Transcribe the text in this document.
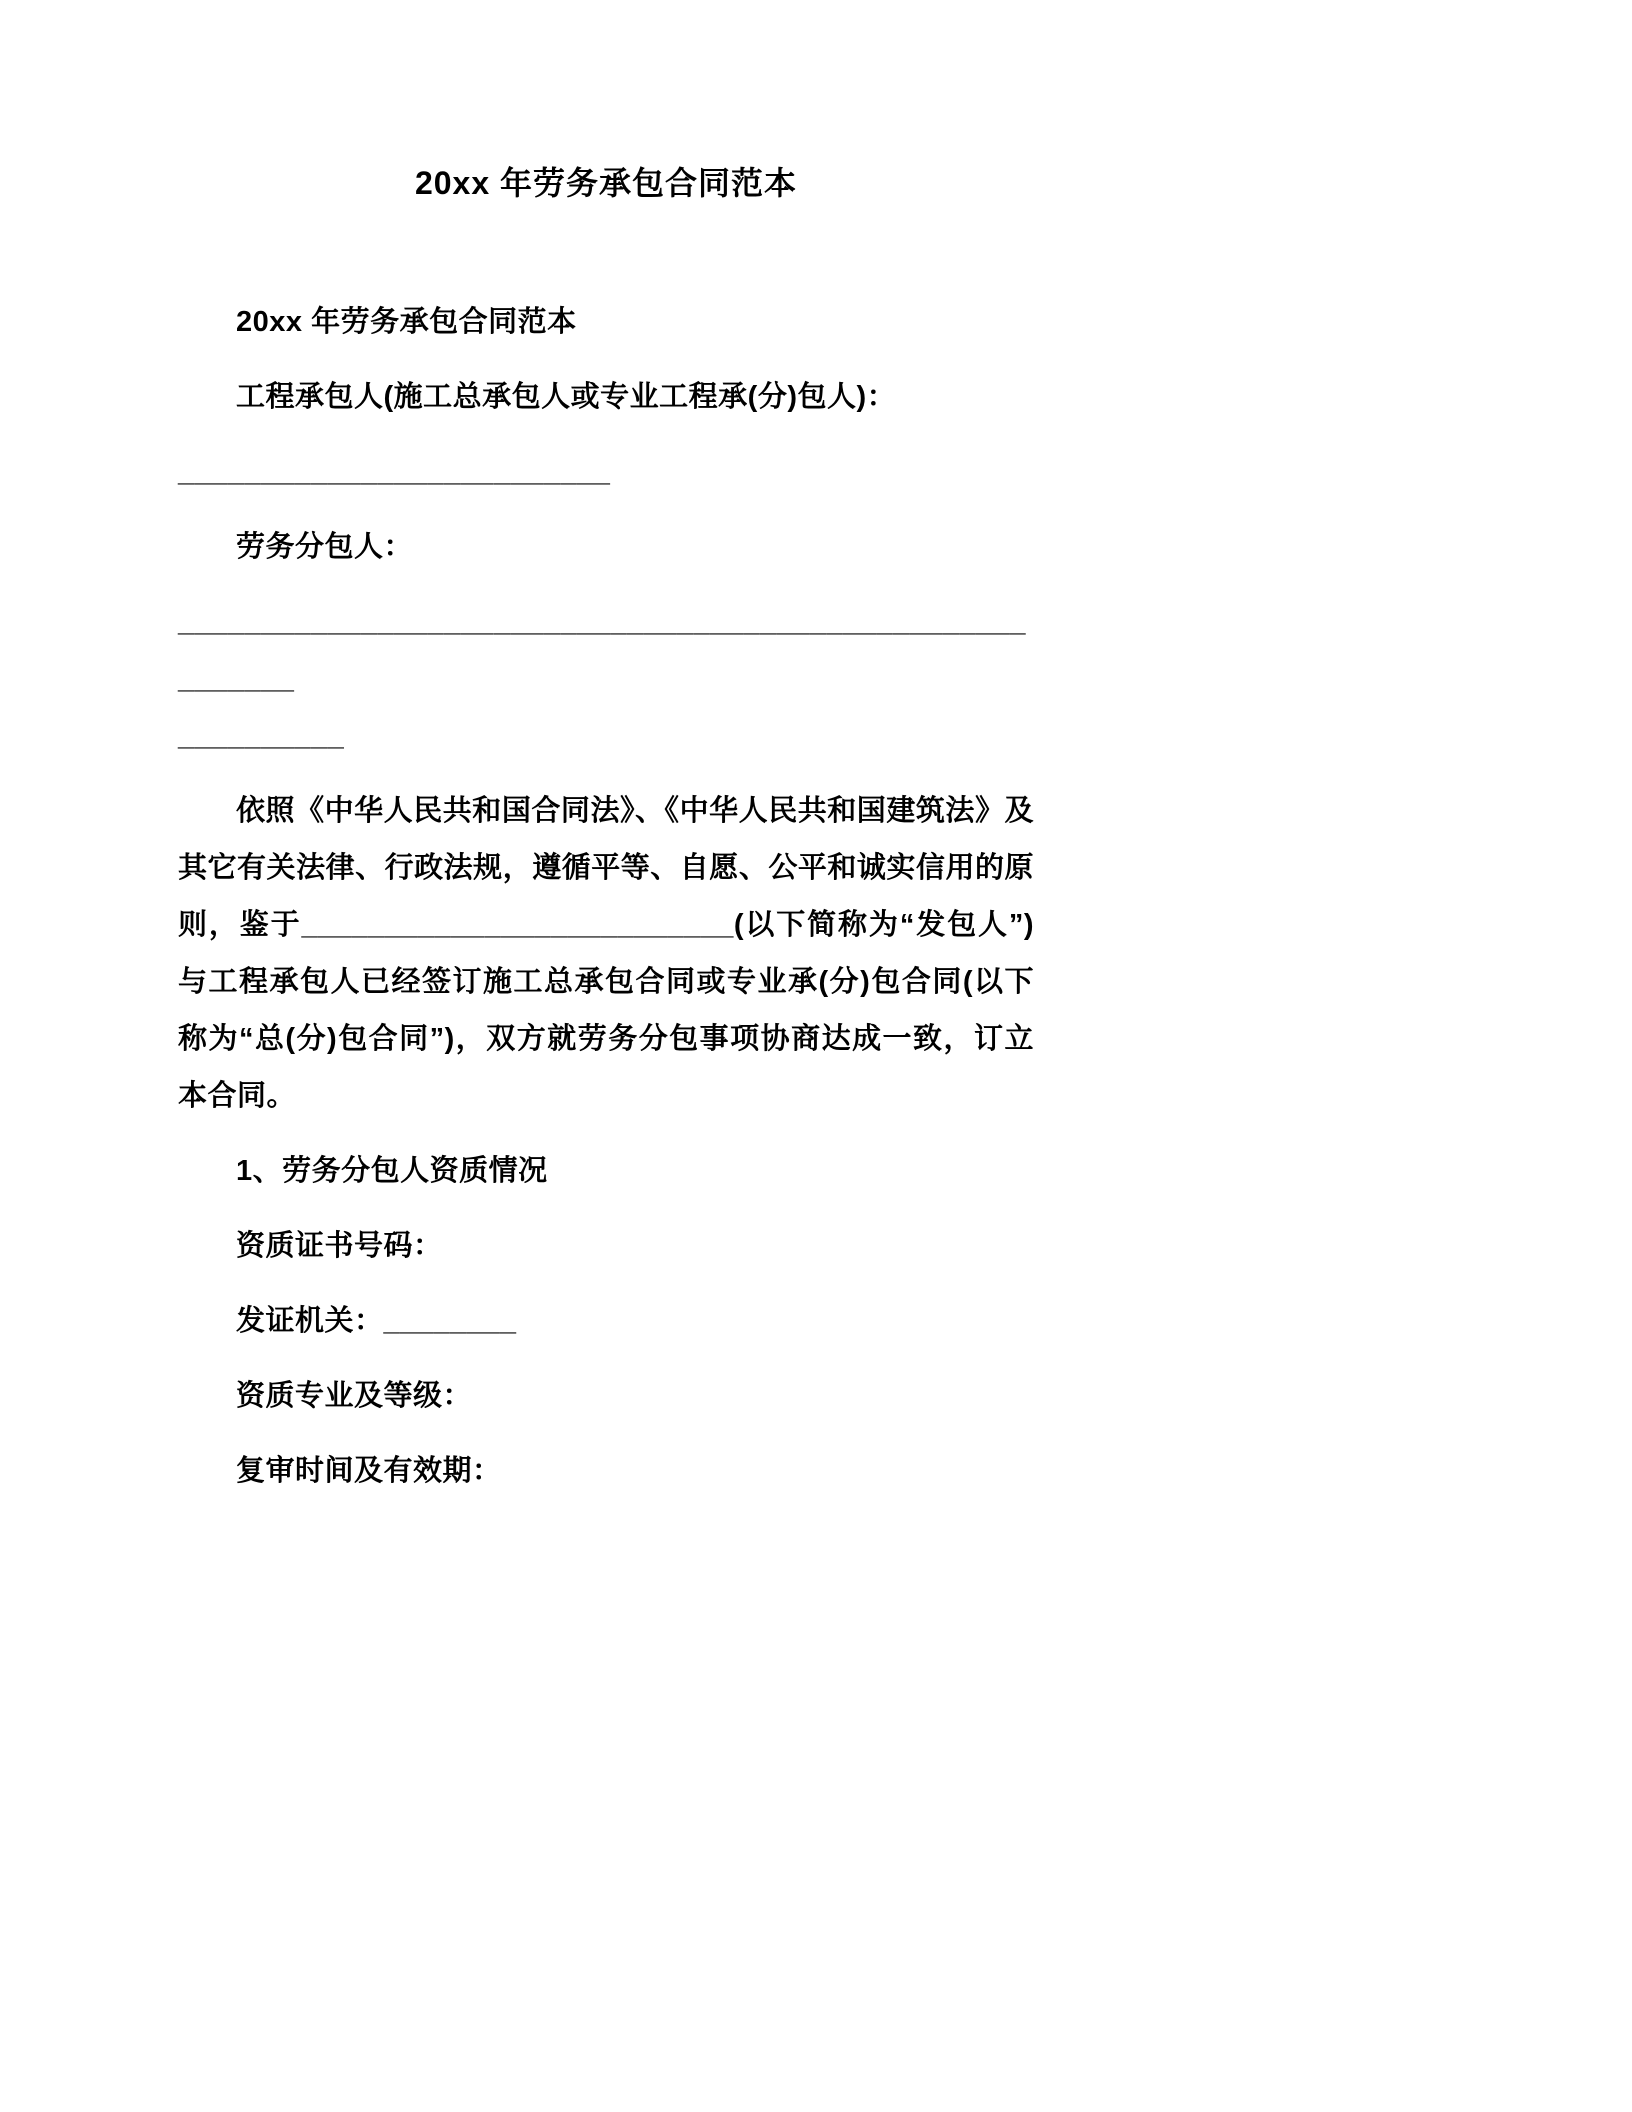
20xx 年劳务承包合同范本

20xx 年劳务承包合同范本

工程承包人(施工总承包人或专业工程承(分)包人)：

__________________________

劳务分包人：

__________________________________________________________

__________

依照《中华人民共和国合同法》、《中华人民共和国建筑法》及其它有关法律、行政法规，遵循平等、自愿、公平和诚实信用的原则，鉴于__________________________(以下简称为“发包人”)与工程承包人已经签订施工总承包合同或专业承(分)包合同(以下称为“总(分)包合同”)，双方就劳务分包事项协商达成一致，订立本合同。

1、劳务分包人资质情况

资质证书号码：

发证机关：________

资质专业及等级：

复审时间及有效期：
